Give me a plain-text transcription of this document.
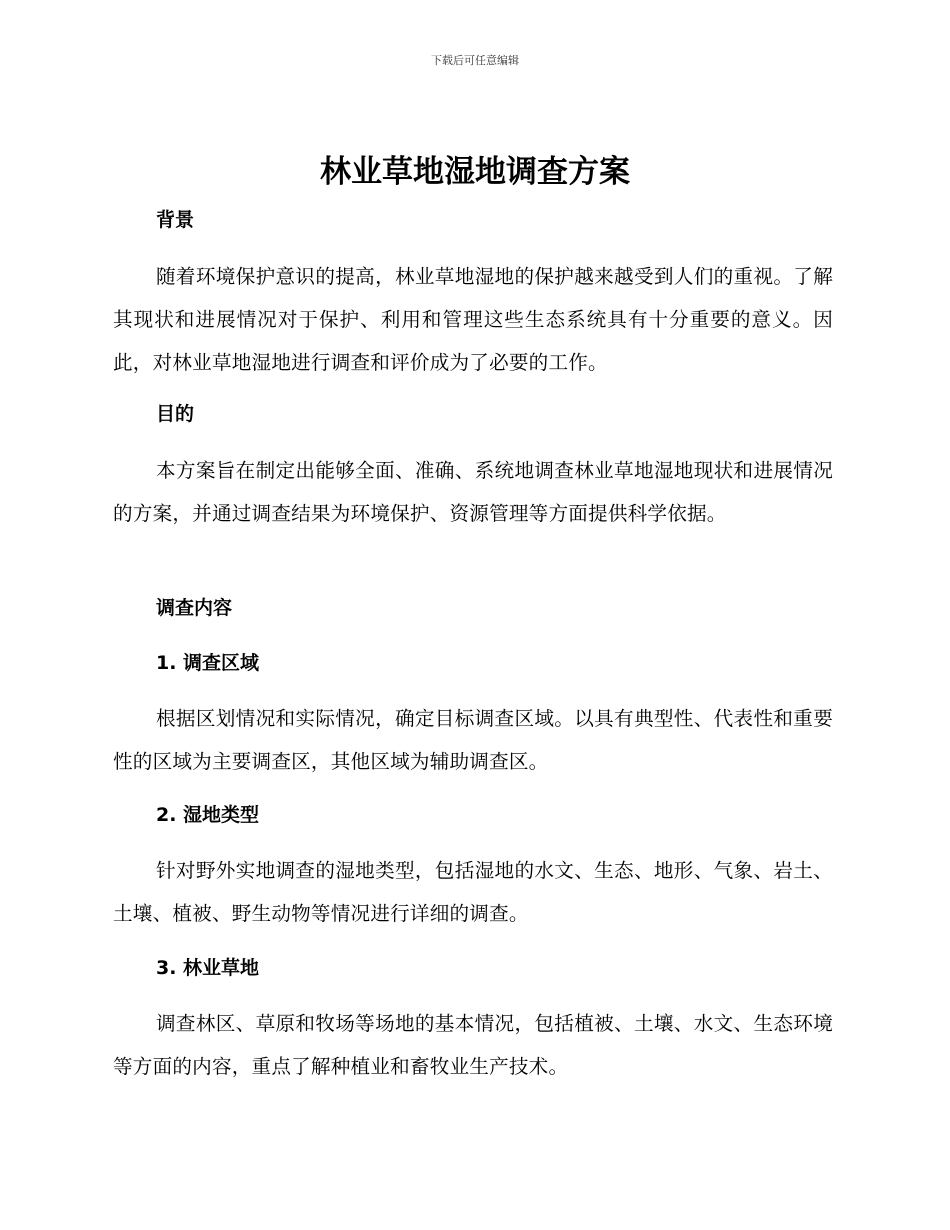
下载后可任意编辑
林业草地湿地调查方案
背景

随着环境保护意识的提高，林业草地湿地的保护越来越受到人们的重视。了解其现状和进展情况对于保护、利用和管理这些生态系统具有十分重要的意义。因此，对林业草地湿地进行调查和评价成为了必要的工作。

目的

本方案旨在制定出能够全面、准确、系统地调查林业草地湿地现状和进展情况的方案，并通过调查结果为环境保护、资源管理等方面提供科学依据。

调查内容
1. 调查区域

根据区划情况和实际情况，确定目标调查区域。以具有典型性、代表性和重要性的区域为主要调查区，其他区域为辅助调查区。

2. 湿地类型

针对野外实地调查的湿地类型，包括湿地的水文、生态、地形、气象、岩土、土壤、植被、野生动物等情况进行详细的调查。

3. 林业草地

调查林区、草原和牧场等场地的基本情况，包括植被、土壤、水文、生态环境等方面的内容，重点了解种植业和畜牧业生产技术。
